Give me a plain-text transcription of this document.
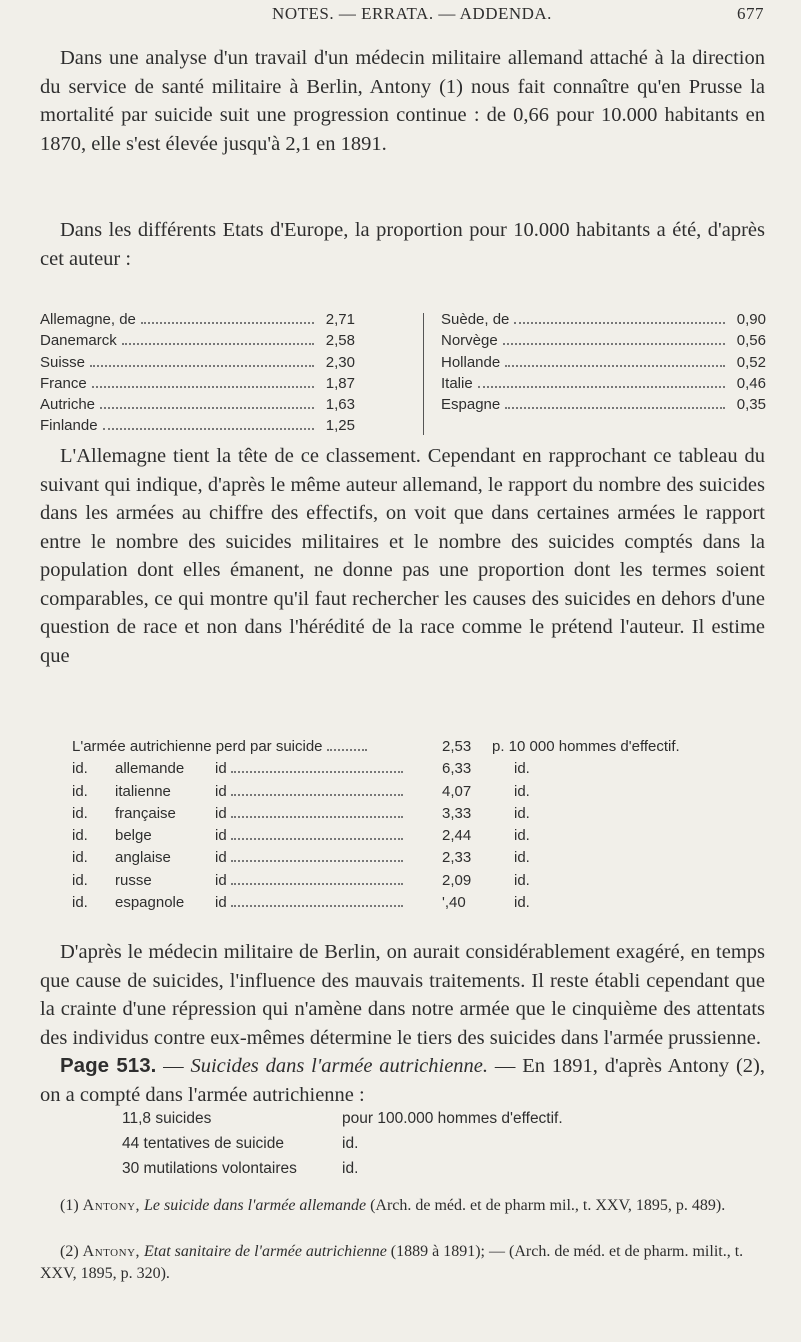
NOTES. — ERRATA. — ADDENDA.	677

Dans une analyse d'un travail d'un médecin militaire allemand attaché à la direction du service de santé militaire à Berlin, Antony (1) nous fait connaître qu'en Prusse la mortalité par suicide suit une progression continue : de 0,66 pour 10.000 habitants en 1870, elle s'est élevée jusqu'à 2,1 en 1891.

Dans les différents Etats d'Europe, la proportion pour 10.000 habitants a été, d'après cet auteur :

Allemagne, de	2,71
Danemarck	2,58
Suisse	2,30
France	1,87
Autriche	1,63
Finlande	1,25
Suède, de	0,90
Norvège	0,56
Hollande	0,52
Italie	0,46
Espagne	0,35

L'Allemagne tient la tête de ce classement. Cependant en rapprochant ce tableau du suivant qui indique, d'après le même auteur allemand, le rapport du nombre des suicides dans les armées au chiffre des effectifs, on voit que dans certaines armées le rapport entre le nombre des suicides militaires et le nombre des suicides comptés dans la population dont elles émanent, ne donne pas une proportion dont les termes soient comparables, ce qui montre qu'il faut rechercher les causes des suicides en dehors d'une question de race et non dans l'hérédité de la race comme le prétend l'auteur. Il estime que

L'armée autrichienne perd par suicide	2,53 p. 10 000 hommes d'effectif.
id. allemande id	6,33	id.
id. italienne	id	4,07	id.
id. française	id	3,33	id.
id. belge	id	2,44	id.
id. anglaise	id	2,33	id.
id. russe	id	2,09	id.
id. espagnole id	',40	id.

D'après le médecin militaire de Berlin, on aurait considérablement exagéré, en temps que cause de suicides, l'influence des mauvais traitements. Il reste établi cependant que la crainte d'une répression qui n'amène dans notre armée que le cinquième des attentats des individus contre eux-mêmes détermine le tiers des suicides dans l'armée prussienne.

Page 513. — Suicides dans l'armée autrichienne. — En 1891, d'après Antony (2), on a compté dans l'armée autrichienne :

11,8 suicides	pour 100.000 hommes d'effectif.
44 tentatives de suicide	id.
30 mutilations volontaires	id.

(1) Antony, Le suicide dans l'armée allemande (Arch. de méd. et de pharm mil., t. XXV, 1895, p. 489).

(2) Antony, Etat sanitaire de l'armée autrichienne (1889 à 1891); — (Arch. de méd. et de pharm. milit., t. XXV, 1895, p. 320).
